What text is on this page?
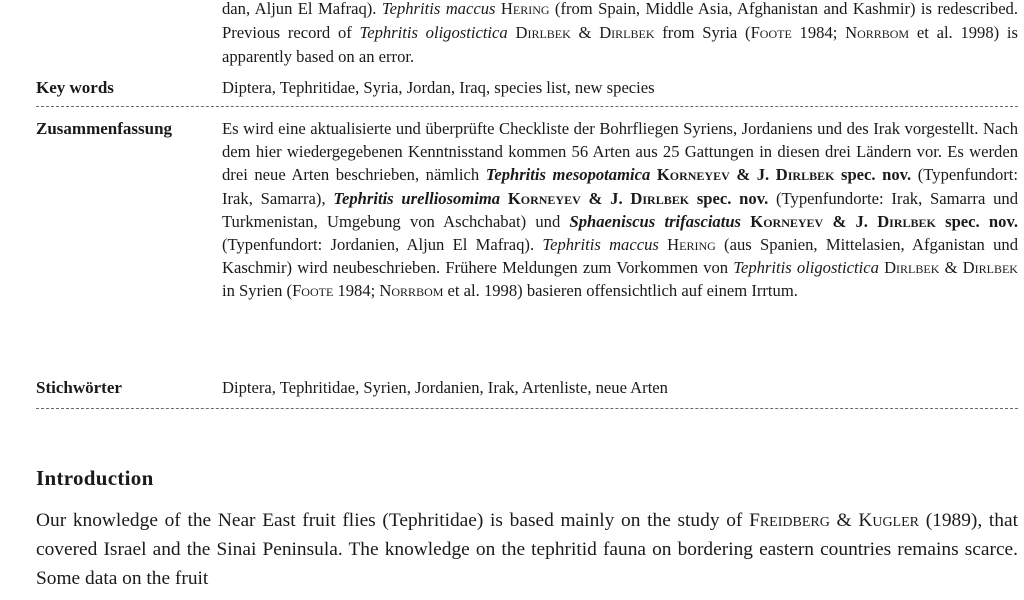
dan, Aljun El Mafraq). Tephritis maccus Hering (from Spain, Middle Asia, Afghanistan and Kashmir) is redescribed. Previous record of Tephritis oligostictica Dirlbek & Dirlbek from Syria (Foote 1984; Norrbom et al. 1998) is apparently based on an error.
Key words	Diptera, Tephritidae, Syria, Jordan, Iraq, species list, new species
Zusammenfassung	Es wird eine aktualisierte und überprüfte Checkliste der Bohrfliegen Syriens, Jordaniens und des Irak vorgestellt. Nach dem hier wiedergegebenen Kenntnisstand kommen 56 Arten aus 25 Gattungen in diesen drei Ländern vor. Es werden drei neue Arten beschrieben, nämlich Tephritis mesopotamica Korneyev & J. Dirlbek spec. nov. (Typenfundort: Irak, Samarra), Tephritis urelliosomima Korneyev & J. Dirlbek spec. nov. (Typenfundorte: Irak, Samarra und Turkmenistan, Umgebung von Aschchabat) und Sphaeniscus trifasciatus Korneyev & J. Dirlbek spec. nov. (Typenfundort: Jordanien, Aljun El Mafraq). Tephritis maccus Hering (aus Spanien, Mittelasien, Afganistan und Kaschmir) wird neubeschrieben. Frühere Meldungen zum Vorkommen von Tephritis oligostictica Dirlbek & Dirlbek in Syrien (Foote 1984; Norrbom et al. 1998) basieren offensichtlich auf einem Irrtum.
Stichwörter	Diptera, Tephritidae, Syrien, Jordanien, Irak, Artenliste, neue Arten
Introduction
Our knowledge of the Near East fruit flies (Tephritidae) is based mainly on the study of Freidberg & Kugler (1989), that covered Israel and the Sinai Peninsula. The knowledge on the tephritid fauna on bordering eastern countries remains scarce. Some data on the fruit
